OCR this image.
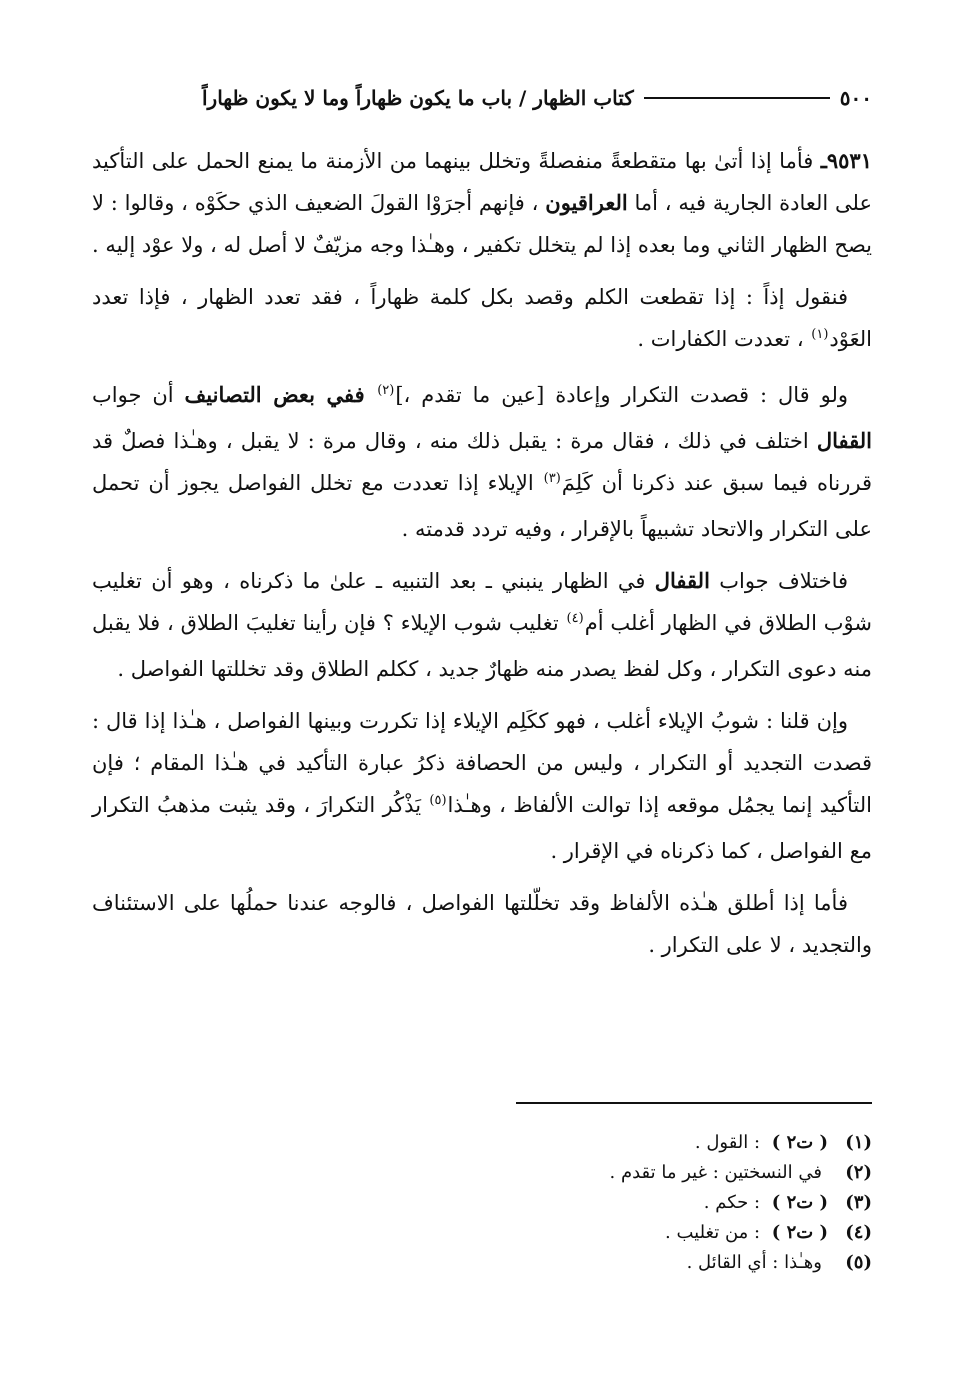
٥٠٠
كتاب الظهار / باب ما يكون ظهاراً وما لا يكون ظهاراً

٩٥٣١ـ فأما إذا أتىٰ بها متقطعةً منفصلةً وتخلل بينهما من الأزمنة ما يمنع الحمل على التأكيد على العادة الجارية فيه ، أما العراقيون ، فإنهم أجرَوْا القولَ الضعيف الذي حكَوْه ، وقالوا : لا يصح الظهار الثاني وما بعده إذا لم يتخلل تكفير ، وهـٰذا وجه مزيّفٌ لا أصل له ، ولا عوْد إليه .

فنقول إذاً : إذا تقطعت الكلم وقصد بكل كلمة ظهاراً ، فقد تعدد الظهار ، فإذا تعدد العَوْد$^{(١)}$ ، تعددت الكفارات .

ولو قال : قصدت التكرار وإعادة [عين ما تقدم ،]$^{(٢)}$ ففي بعض التصانيف أن جواب القفال اختلف في ذلك ، فقال مرة : يقبل ذلك منه ، وقال مرة : لا يقبل ، وهـٰذا فصلٌ قد قررناه فيما سبق عند ذكرنا أن كَلِمَ$^{(٣)}$ الإيلاء إذا تعددت مع تخلل الفواصل يجوز أن تحمل على التكرار والاتحاد تشبيهاً بالإقرار ، وفيه تردد قدمته .

فاختلاف جواب القفال في الظهار ينبني ـ بعد التنبيه ـ علىٰ ما ذكرناه ، وهو أن تغليب شوْب الطلاق في الظهار أغلب أم$^{(٤)}$ تغليب شوب الإيلاء ؟ فإن رأينا تغليبَ الطلاق ، فلا يقبل منه دعوى التكرار ، وكل لفظ يصدر منه ظهارٌ جديد ، ككلم الطلاق وقد تخللتها الفواصل .

وإن قلنا : شوبُ الإيلاء أغلب ، فهو ككَلِم الإيلاء إذا تكررت وبينها الفواصل ، هـٰذا إذا قال : قصدت التجديد أو التكرار ، وليس من الحصافة ذكرُ عبارة التأكيد في هـٰذا المقام ؛ فإن التأكيد إنما يجمُل موقعه إذا توالت الألفاظ ، وهـٰذا$^{(٥)}$ يَذْكُر التكرارَ ، وقد يثبت مذهبُ التكرار مع الفواصل ، كما ذكرناه في الإقرار .

فأما إذا أطلق هـٰذه الألفاظ وقد تخلّلتها الفواصل ، فالوجه عندنا حملُها على الاستئناف والتجديد ، لا على التكرار .

(١)
( ت٢ ) : القول .
(٢)
في النسختين : غير ما تقدم .
(٣)
( ت٢ ) : حكم .
(٤)
( ت٢ ) : من تغليب .
(٥)
وهـٰذا : أي القائل .
